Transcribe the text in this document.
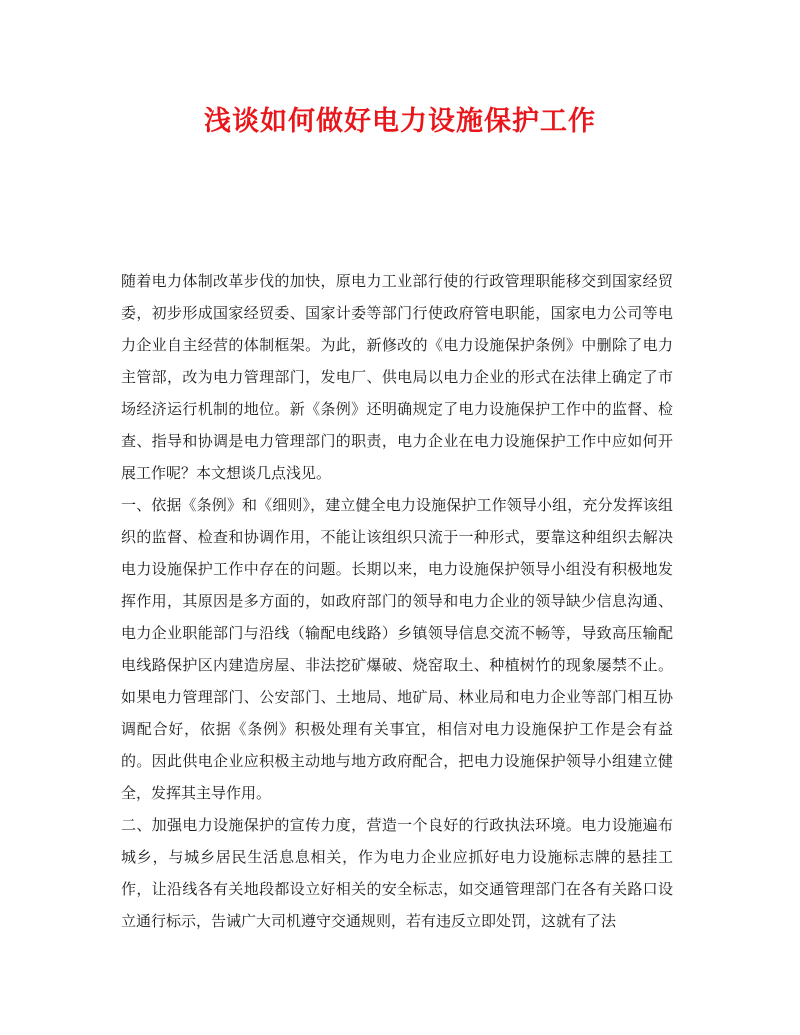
浅谈如何做好电力设施保护工作

随着电力体制改革步伐的加快，原电力工业部行使的行政管理职能移交到国家经贸委，初步形成国家经贸委、国家计委等部门行使政府管电职能，国家电力公司等电力企业自主经营的体制框架。为此，新修改的《电力设施保护条例》中删除了电力主管部，改为电力管理部门，发电厂、供电局以电力企业的形式在法律上确定了市场经济运行机制的地位。新《条例》还明确规定了电力设施保护工作中的监督、检查、指导和协调是电力管理部门的职责，电力企业在电力设施保护工作中应如何开展工作呢？本文想谈几点浅见。

一、依据《条例》和《细则》，建立健全电力设施保护工作领导小组，充分发挥该组织的监督、检查和协调作用，不能让该组织只流于一种形式，要靠这种组织去解决电力设施保护工作中存在的问题。长期以来，电力设施保护领导小组没有积极地发挥作用，其原因是多方面的，如政府部门的领导和电力企业的领导缺少信息沟通、电力企业职能部门与沿线（输配电线路）乡镇领导信息交流不畅等，导致高压输配电线路保护区内建造房屋、非法挖矿爆破、烧窑取土、种植树竹的现象屡禁不止。如果电力管理部门、公安部门、土地局、地矿局、林业局和电力企业等部门相互协调配合好，依据《条例》积极处理有关事宜，相信对电力设施保护工作是会有益的。因此供电企业应积极主动地与地方政府配合，把电力设施保护领导小组建立健全，发挥其主导作用。

二、加强电力设施保护的宣传力度，营造一个良好的行政执法环境。电力设施遍布城乡，与城乡居民生活息息相关，作为电力企业应抓好电力设施标志牌的悬挂工作，让沿线各有关地段都设立好相关的安全标志，如交通管理部门在各有关路口设立通行标示，告诫广大司机遵守交通规则，若有违反立即处罚，这就有了法
